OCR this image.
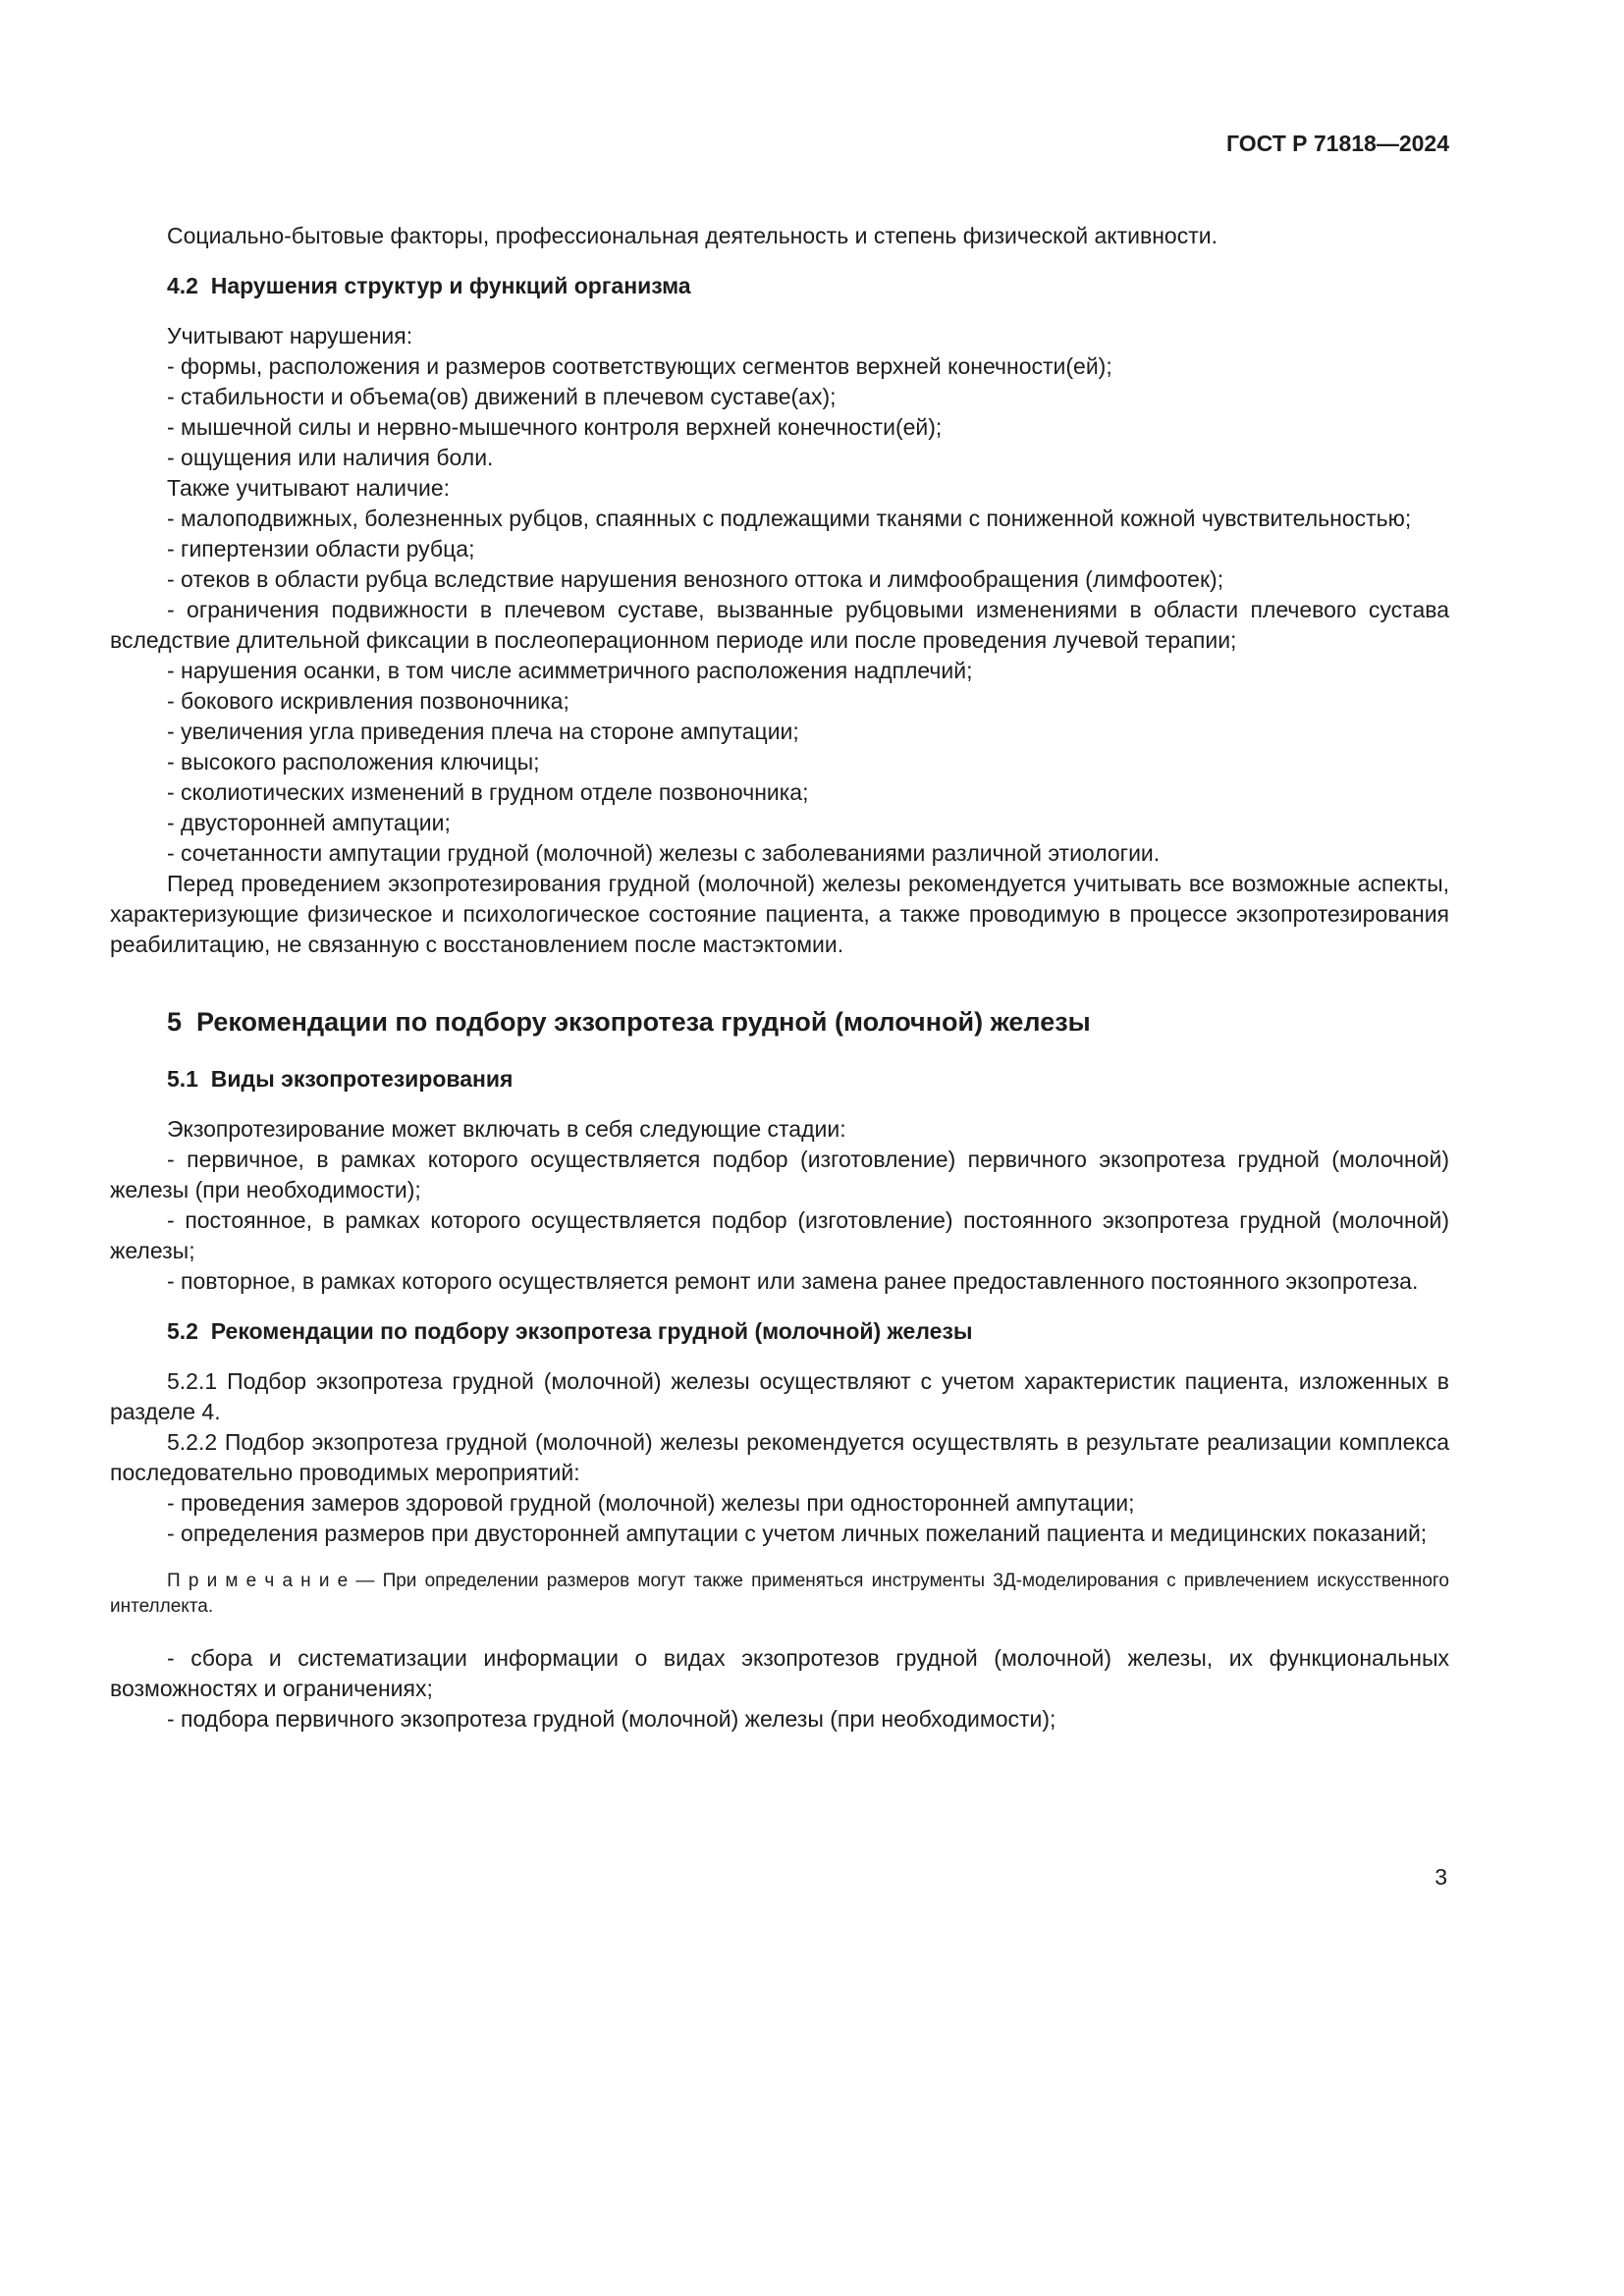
ГОСТ Р 71818—2024

Социально-бытовые факторы, профессиональная деятельность и степень физической активности.

4.2  Нарушения структур и функций организма

Учитывают нарушения:

- формы, расположения и размеров соответствующих сегментов верхней конечности(ей);

- стабильности и объема(ов) движений в плечевом суставе(ах);

- мышечной силы и нервно-мышечного контроля верхней конечности(ей);

- ощущения или наличия боли.

Также учитывают наличие:

- малоподвижных, болезненных рубцов, спаянных с подлежащими тканями с пониженной кожной чувствительностью;

- гипертензии области рубца;

- отеков в области рубца вследствие нарушения венозного оттока и лимфообращения (лимфоотек);

- ограничения подвижности в плечевом суставе, вызванные рубцовыми изменениями в области плечевого сустава вследствие длительной фиксации в послеоперационном периоде или после проведения лучевой терапии;

- нарушения осанки, в том числе асимметричного расположения надплечий;

- бокового искривления позвоночника;

- увеличения угла приведения плеча на стороне ампутации;

- высокого расположения ключицы;

- сколиотических изменений в грудном отделе позвоночника;

- двусторонней ампутации;

- сочетанности ампутации грудной (молочной) железы с заболеваниями различной этиологии.

Перед проведением экзопротезирования грудной (молочной) железы рекомендуется учитывать все возможные аспекты, характеризующие физическое и психологическое состояние пациента, а также проводимую в процессе экзопротезирования реабилитацию, не связанную с восстановлением после мастэктомии.

5  Рекомендации по подбору экзопротеза грудной (молочной) железы

5.1  Виды экзопротезирования

Экзопротезирование может включать в себя следующие стадии:

- первичное, в рамках которого осуществляется подбор (изготовление) первичного экзопротеза грудной (молочной) железы (при необходимости);

- постоянное, в рамках которого осуществляется подбор (изготовление) постоянного экзопротеза грудной (молочной) железы;

- повторное, в рамках которого осуществляется ремонт или замена ранее предоставленного постоянного экзопротеза.

5.2  Рекомендации по подбору экзопротеза грудной (молочной) железы

5.2.1 Подбор экзопротеза грудной (молочной) железы осуществляют с учетом характеристик пациента, изложенных в разделе 4.

5.2.2 Подбор экзопротеза грудной (молочной) железы рекомендуется осуществлять в результате реализации комплекса последовательно проводимых мероприятий:

- проведения замеров здоровой грудной (молочной) железы при односторонней ампутации;

- определения размеров при двусторонней ампутации с учетом личных пожеланий пациента и медицинских показаний;

П р и м е ч а н и е — При определении размеров могут также применяться инструменты 3Д-моделирования с привлечением искусственного интеллекта.

- сбора и систематизации информации о видах экзопротезов грудной (молочной) железы, их функциональных возможностях и ограничениях;

- подбора первичного экзопротеза грудной (молочной) железы (при необходимости);

3
